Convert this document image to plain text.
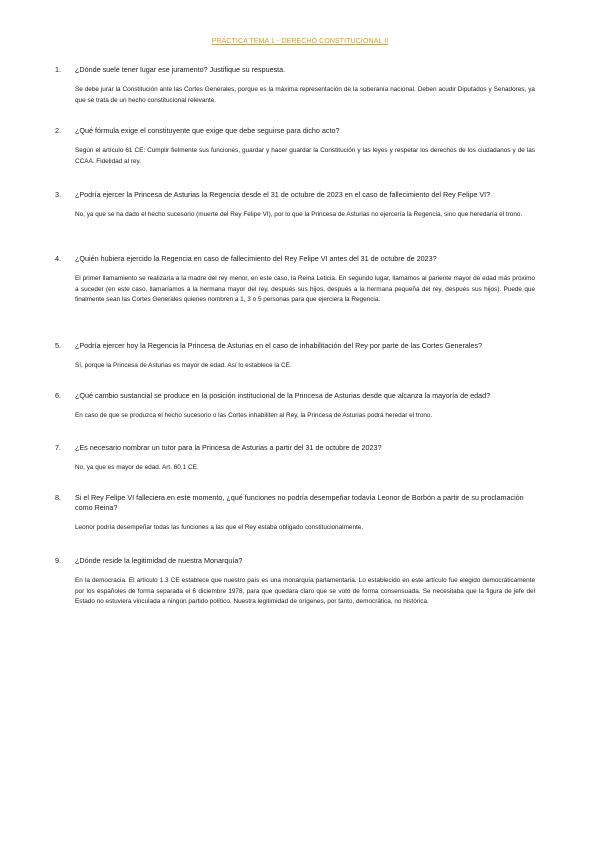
PRÁCTICA TEMA 1 - DERECHO CONSTITUCIONAL II
1. ¿Dónde suele tener lugar ese juramento? Justifique su respuesta.
Se debe jurar la Constitución ante las Cortes Generales, porque es la máxima representación de la soberanía nacional. Deben acudir Diputados y Senadores, ya que se trata de un hecho constitucional relevante.
2. ¿Qué fórmula exige el constituyente que exige que debe seguirse para dicho acto?
Según el artículo 61 CE: Cumplir fielmente sus funciones, guardar y hacer guardar la Constitución y las leyes y respetar los derechos de los ciudadanos y de las CCAA. Fidelidad al rey.
3. ¿Podría ejercer la Princesa de Asturias la Regencia desde el 31 de octubre de 2023 en el caso de fallecimiento del Rey Felipe VI?
No, ya que se ha dado el hecho sucesorio (muerte del Rey Felipe VI), por lo que la Princesa de Asturias no ejercería la Regencia, sino que heredaría el trono.
4. ¿Quién hubiera ejercido la Regencia en caso de fallecimiento del Rey Felipe VI antes del 31 de octubre de 2023?
El primer llamamiento se realizaría a la madre del rey menor, en este caso, la Reina Leticia. En segundo lugar, llamamos al pariente mayor de edad más próximo a suceder (en este caso, llamaríamos a la hermana mayor del rey, después sus hijos, después a la hermana pequeña del rey, después sus hijos). Puede que finalmente sean las Cortes Generales quienes nombren a 1, 3 o 5 personas para que ejerciera la Regencia.
5. ¿Podría ejercer hoy la Regencia la Princesa de Asturias en el caso de inhabilitación del Rey por parte de las Cortes Generales?
Sí, porque la Princesa de Asturias es mayor de edad. Así lo establece la CE.
6. ¿Qué cambio sustancial se produce en la posición institucional de la Princesa de Asturias desde que alcanza la mayoría de edad?
En caso de que se produzca el hecho sucesorio o las Cortes inhabiliten al Rey, la Princesa de Asturias podrá heredar el trono.
7. ¿Es necesario nombrar un tutor para la Princesa de Asturias a partir del 31 de octubre de 2023?
No, ya que es mayor de edad. Art. 60.1 CE.
8. Si el Rey Felipe VI falleciera en este momento, ¿qué funciones no podría desempeñar todavía Leonor de Borbón a partir de su proclamación como Reina?
Leonor podría desempeñar todas las funciones a las que el Rey estaba obligado constitucionalmente.
9. ¿Dónde reside la legitimidad de nuestra Monarquía?
En la democracia. El artículo 1.3 CE establece que nuestro país es una monarquía parlamentaria. Lo establecido en este artículo fue elegido democráticamente por los españoles de forma separada el 6 diciembre 1978, para que quedara claro que se votó de forma consensuada. Se necesitaba que la figura de jefe del Estado no estuviera vinculada a ningún partido político. Nuestra legitimidad de orígenes, por tanto, democrática, no histórica.
